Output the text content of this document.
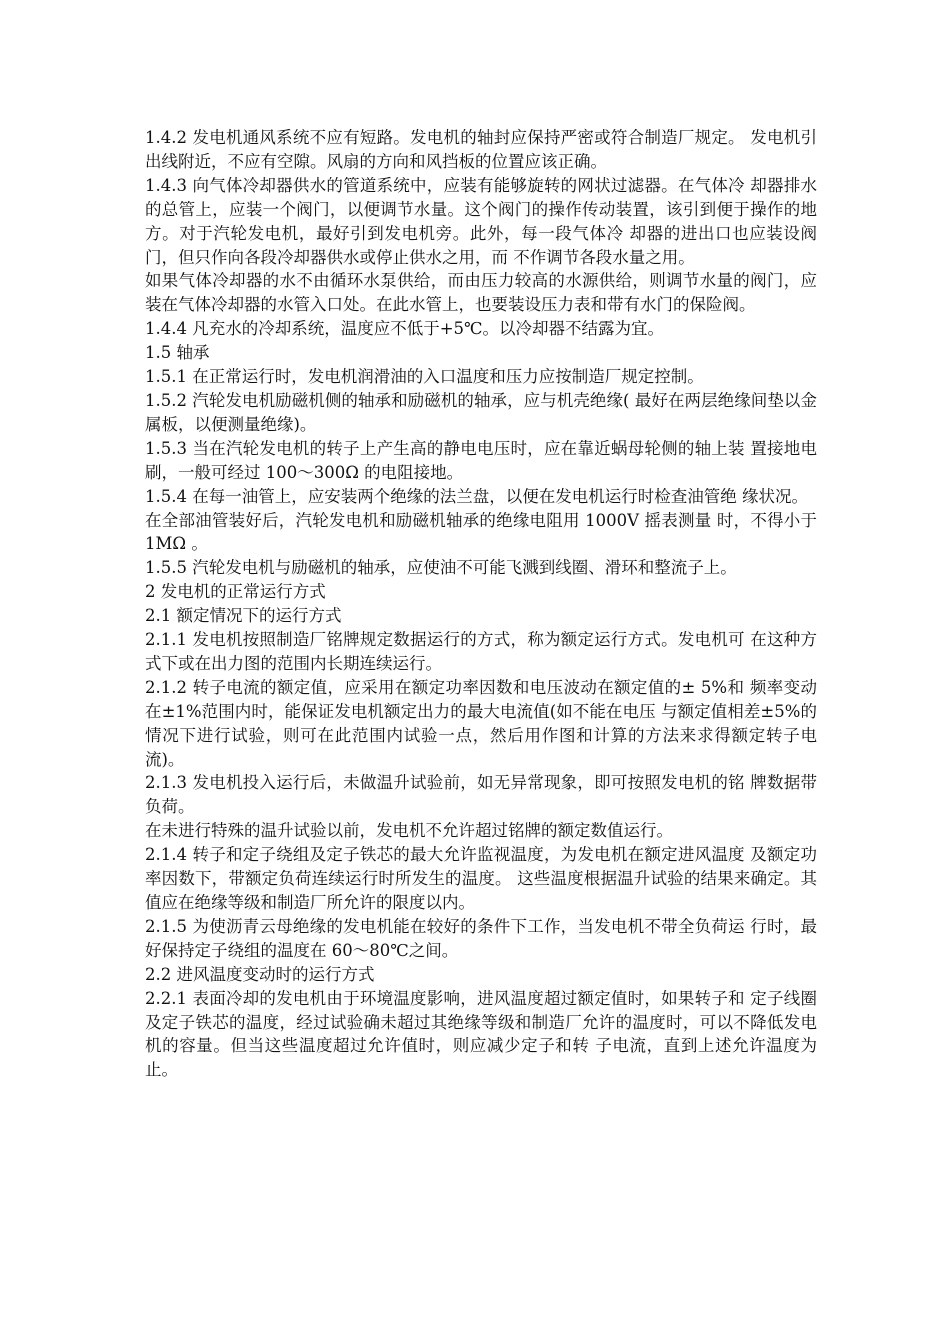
1.4.2 发电机通风系统不应有短路。发电机的轴封应保持严密或符合制造厂规定。 发电机引出线附近，不应有空隙。风扇的方向和风挡板的位置应该正确。

1.4.3 向气体冷却器供水的管道系统中，应装有能够旋转的网状过滤器。在气体冷 却器排水的总管上，应装一个阀门，以便调节水量。这个阀门的操作传动装置，该引到便于操作的地方。对于汽轮发电机，最好引到发电机旁。此外，每一段气体冷 却器的进出口也应装设阀门，但只作向各段冷却器供水或停止供水之用，而 不作调节各段水量之用。

如果气体冷却器的水不由循环水泵供给，而由压力较高的水源供给，则调节水量的阀门，应装在气体冷却器的水管入口处。在此水管上，也要装设压力表和带有水门的保险阀。

1.4.4 凡充水的冷却系统，温度应不低于+5℃。以冷却器不结露为宜。

1.5 轴承

1.5.1 在正常运行时，发电机润滑油的入口温度和压力应按制造厂规定控制。

1.5.2 汽轮发电机励磁机侧的轴承和励磁机的轴承，应与机壳绝缘( 最好在两层绝缘间垫以金属板，以便测量绝缘)。

1.5.3 当在汽轮发电机的转子上产生高的静电电压时，应在靠近蜗母轮侧的轴上装 置接地电刷，一般可经过 100～300Ω 的电阻接地。

1.5.4 在每一油管上，应安装两个绝缘的法兰盘，以便在发电机运行时检查油管绝 缘状况。

在全部油管装好后，汽轮发电机和励磁机轴承的绝缘电阻用 1000V 摇表测量 时，不得小于 1MΩ 。

1.5.5 汽轮发电机与励磁机的轴承，应使油不可能飞溅到线圈、滑环和整流子上。

2 发电机的正常运行方式

2.1 额定情况下的运行方式

2.1.1 发电机按照制造厂铭牌规定数据运行的方式，称为额定运行方式。发电机可 在这种方式下或在出力图的范围内长期连续运行。

2.1.2 转子电流的额定值，应采用在额定功率因数和电压波动在额定值的± 5%和 频率变动在±1%范围内时，能保证发电机额定出力的最大电流值(如不能在电压 与额定值相差±5%的情况下进行试验，则可在此范围内试验一点，然后用作图和计算的方法来求得额定转子电流)。

2.1.3 发电机投入运行后，未做温升试验前，如无异常现象，即可按照发电机的铭 牌数据带负荷。

在未进行特殊的温升试验以前，发电机不允许超过铭牌的额定数值运行。

2.1.4 转子和定子绕组及定子铁芯的最大允许监视温度，为发电机在额定进风温度 及额定功率因数下，带额定负荷连续运行时所发生的温度。 这些温度根据温升试验的结果来确定。其值应在绝缘等级和制造厂所允许的限度以内。

2.1.5 为使沥青云母绝缘的发电机能在较好的条件下工作，当发电机不带全负荷运 行时，最好保持定子绕组的温度在 60～80℃之间。

2.2 进风温度变动时的运行方式

2.2.1 表面冷却的发电机由于环境温度影响，进风温度超过额定值时，如果转子和 定子线圈及定子铁芯的温度，经过试验确未超过其绝缘等级和制造厂允许的温度时，可以不降低发电机的容量。但当这些温度超过允许值时，则应减少定子和转 子电流，直到上述允许温度为止。
